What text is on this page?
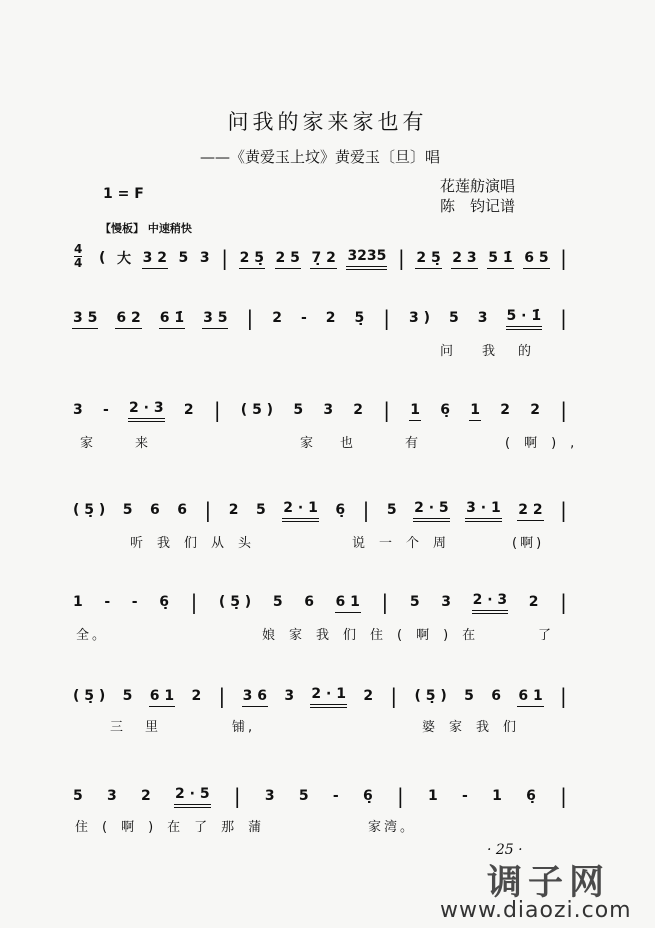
问我的家来家也有
——《黄爱玉上坟》黄爱玉〔旦〕唱
1 = F	花莲舫演唱
陈　钧记谱
【慢板】 中速稍快
4
4 ( 大 3 2 5 3 | 2 5̣ 2 5 7̣ 2 3235 | 2 5̣ 2 3 5 1̇ 6 5 |
3 5 6 2 6 1̇ 3 5 | 2 - 2 5̣ | 3 ) 5 3 5 · 1̇ |
问 我 的
3 - 2 · 3 2 | ( 5 ) 5 3 2 | 1 6̣ 1 2 2 |
家	来	家 也	有	(啊),
( 5̣ ) 5 6 6 | 2 5 2 · 1 6̣ | 5 2 · 5 3 · 1 2 2 |
听我们从头	说一个周	(啊)
1 - - 6̣ | ( 5̣ ) 5 6 6 1 | 5 3 2 · 3 2 |
全。	娘家我们住(啊)在	了
( 5̣ ) 5 6 1 2 | 3 6 3 2 · 1 2 | ( 5̣ ) 5 6 6 1 |
三 里	铺,	婆家我们
5 3 2 2 · 5 | 3 5 - 6̣ | 1 - 1 6̣ |
住(啊)在了那蒲	家湾。
· 25 ·
调子网
www.diaozi.com
